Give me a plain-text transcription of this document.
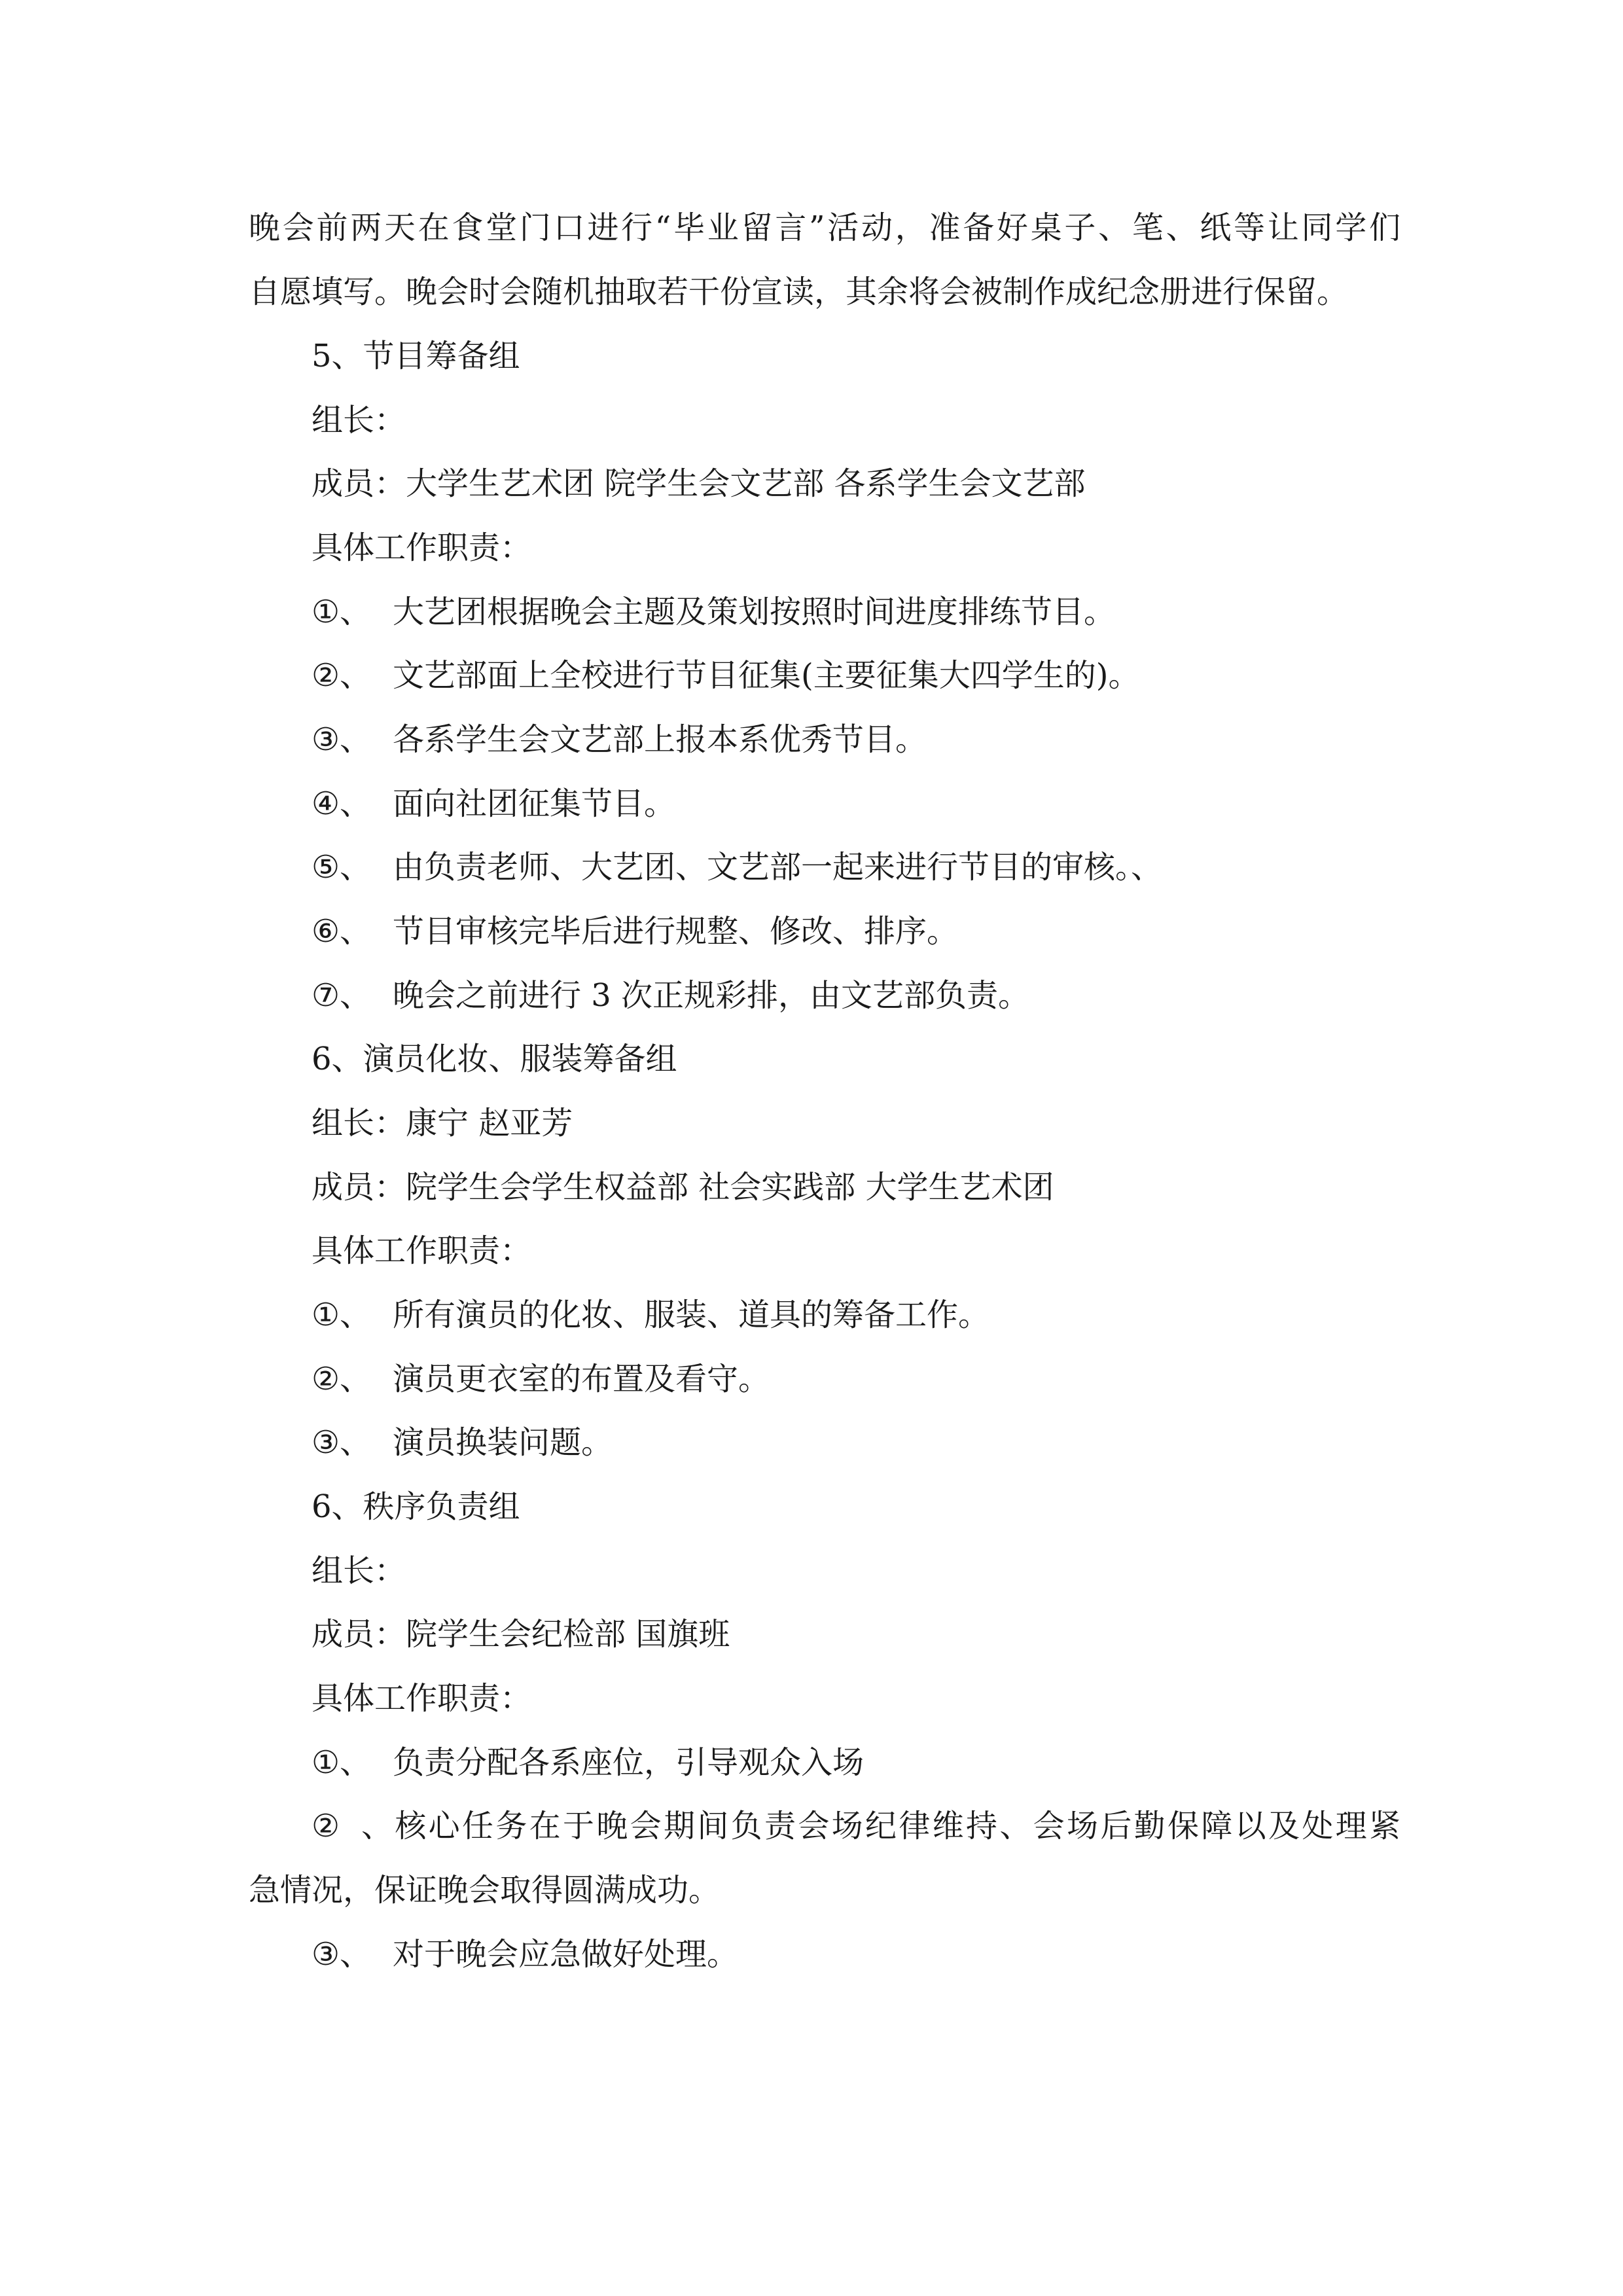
晚会前两天在食堂门口进行“毕业留言”活动，准备好桌子、笔、纸等让同学们
自愿填写。晚会时会随机抽取若干份宣读，其余将会被制作成纪念册进行保留。
5、节目筹备组
组长：
成员：大学生艺术团 院学生会文艺部 各系学生会文艺部
具体工作职责：
①、 大艺团根据晚会主题及策划按照时间进度排练节目。
②、 文艺部面上全校进行节目征集(主要征集大四学生的)。
③、 各系学生会文艺部上报本系优秀节目。
④、 面向社团征集节目。
⑤、 由负责老师、大艺团、文艺部一起来进行节目的审核。、
⑥、 节目审核完毕后进行规整、修改、排序。
⑦、 晚会之前进行 3 次正规彩排，由文艺部负责。
6、演员化妆、服装筹备组
组长：康宁 赵亚芳
成员：院学生会学生权益部 社会实践部 大学生艺术团
具体工作职责：
①、 所有演员的化妆、服装、道具的筹备工作。
②、 演员更衣室的布置及看守。
③、 演员换装问题。
6、秩序负责组
组长：
成员：院学生会纪检部 国旗班
具体工作职责：
①、 负责分配各系座位，引导观众入场
②、核心任务在于晚会期间负责会场纪律维持、会场后勤保障以及处理紧
急情况，保证晚会取得圆满成功。
③、 对于晚会应急做好处理。
